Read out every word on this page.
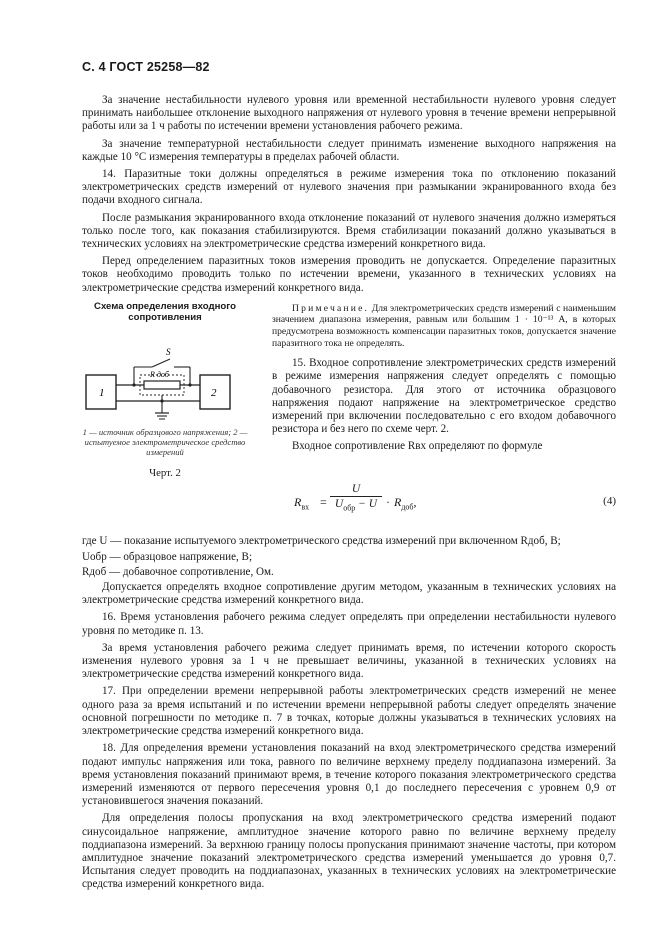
С. 4 ГОСТ 25258—82

За значение нестабильности нулевого уровня или временной нестабильности нулевого уровня следует принимать наибольшее отклонение выходного напряжения от нулевого уровня в течение времени непрерывной работы или за 1 ч работы по истечении времени установления рабочего режима.

За значение температурной нестабильности следует принимать изменение выходного напряжения на каждые 10 °С измерения температуры в пределах рабочей области.

14. Паразитные токи должны определяться в режиме измерения тока по отклонению показаний электрометрических средств измерений от нулевого значения при размыкании экранированного входа без подачи входного сигнала.

После размыкания экранированного входа отклонение показаний от нулевого значения должно измеряться только после того, как показания стабилизируются. Время стабилизации показаний должно указываться в технических условиях на электрометрические средства измерений конкретного вида.

Перед определением паразитных токов измерения проводить не допускается. Определение паразитных токов необходимо проводить только по истечении времени, указанного в технических условиях на электрометрические средства измерений конкретного вида.

Схема определения входного сопротивления
1	2
R доб
S
1 — источник образцового напряжения; 2 — испытуемое электрометрическое средство измерений
Черт. 2
Примечание. Для электрометрических средств измерений с наименьшим значением диапазона измерения, равным или большим 1 · 10⁻¹³ А, в которых предусмотрена возможность компенсации паразитных токов, допускается значение паразитного тока не определять.

15. Входное сопротивление электрометрических средств измерений в режиме измерения напряжения следует определять с помощью добавочного резистора. Для этого от источника образцового напряжения подают напряжение на электрометрическое средство измерений при включении последовательно с его входом добавочного резистора и без него по схеме черт. 2.

Входное сопротивление Rвх определяют по формуле

$R_{вх}$ =
U
$U_{обр} - U \cdot R_{доб}$,	(4)

где U — показание испытуемого электрометрического средства измерений при включенном Rдоб, В;

Uобр — образцовое напряжение, В;

Rдоб — добавочное сопротивление, Ом.

Допускается определять входное сопротивление другим методом, указанным в технических условиях на электрометрические средства измерений конкретного вида.

16. Время установления рабочего режима следует определять при определении нестабильности нулевого уровня по методике п. 13.

За время установления рабочего режима следует принимать время, по истечении которого скорость изменения нулевого уровня за 1 ч не превышает величины, указанной в технических условиях на электрометрические средства измерений конкретного вида.

17. При определении времени непрерывной работы электрометрических средств измерений не менее одного раза за время испытаний и по истечении времени непрерывной работы следует определять значение основной погрешности по методике п. 7 в точках, которые должны указываться в технических условиях на электрометрические средства измерений конкретного вида.

18. Для определения времени установления показаний на вход электрометрического средства измерений подают импульс напряжения или тока, равного по величине верхнему пределу поддиапазона измерений. За время установления показаний принимают время, в течение которого показания электрометрического средства измерений изменяются от первого пересечения уровня 0,1 до последнего пересечения с уровнем 0,9 от установившегося значения показаний.

Для определения полосы пропускания на вход электрометрического средства измерений подают синусоидальное напряжение, амплитудное значение которого равно по величине верхнему пределу поддиапазона измерений. За верхнюю границу полосы пропускания принимают значение частоты, при котором амплитудное значение показаний электрометрического средства измерений уменьшается до уровня 0,7. Испытания следует проводить на поддиапазонах, указанных в технических условиях на электрометрические средства измерений конкретного вида.
